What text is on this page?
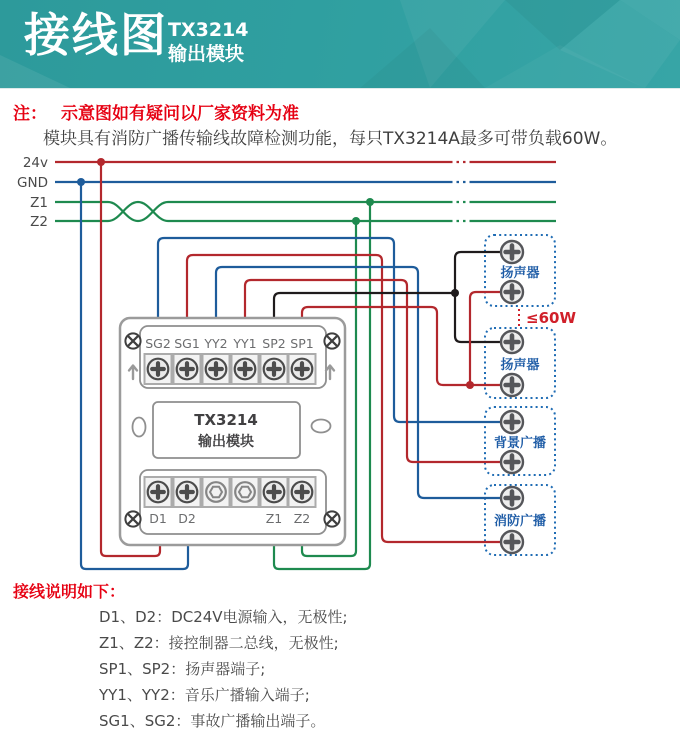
接线图 TX3214
输出模块
注： 示意图如有疑问以厂家资料为准
模块具有消防广播传输线故障检测功能，每只TX3214A最多可带负载60W。
24v
GND
Z1
Z2
SG2 SG1 YY2 YY1 SP2 SP1
D1 D2	Z1 Z2
TX3214
输出模块
扬声器
扬声器
背景广播
消防广播
≤60W
接线说明如下：
D1、D2：DC24V电源输入，无极性;
Z1、Z2：接控制器二总线，无极性;
SP1、SP2：扬声器端子;
YY1、YY2：音乐广播输入端子;
SG1、SG2：事故广播输出端子。
